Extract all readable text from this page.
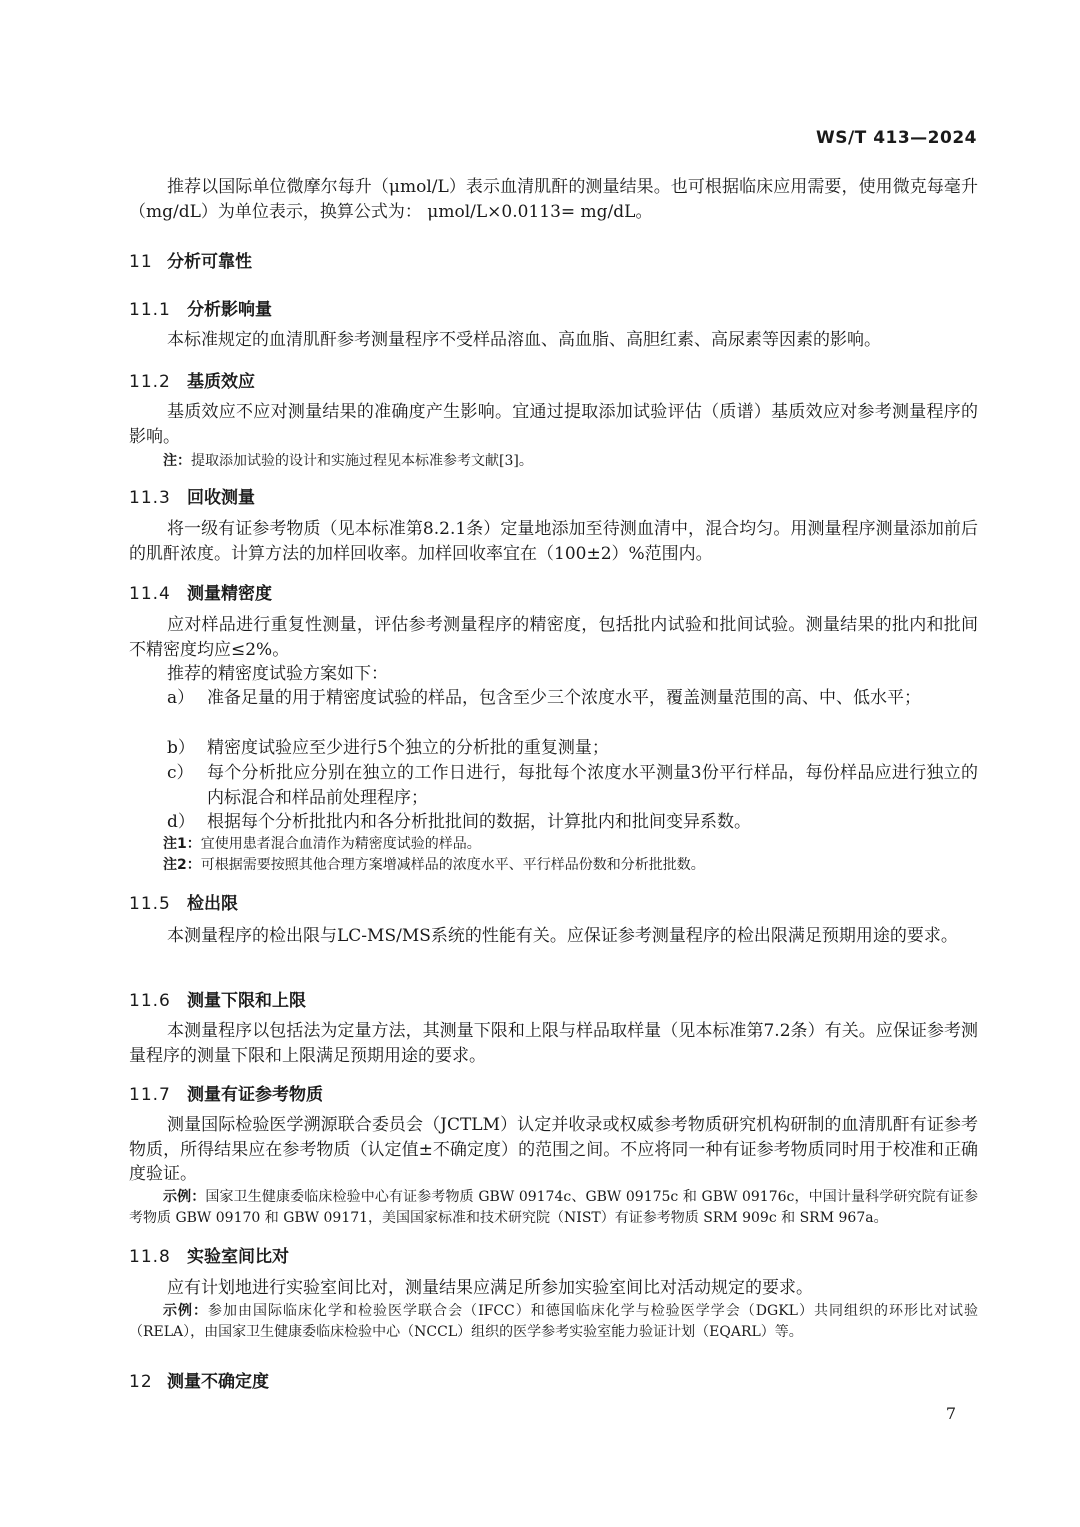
WS/T 413—2024

推荐以国际单位微摩尔每升（μmol/L）表示血清肌酐的测量结果。也可根据临床应用需要，使用微克每毫升（mg/dL）为单位表示，换算公式为： μmol/L×0.0113= mg/dL。

11 分析可靠性
11.1 分析影响量

本标准规定的血清肌酐参考测量程序不受样品溶血、高血脂、高胆红素、高尿素等因素的影响。

11.2 基质效应

基质效应不应对测量结果的准确度产生影响。宜通过提取添加试验评估（质谱）基质效应对参考测量程序的影响。

注：提取添加试验的设计和实施过程见本标准参考文献[3]。

11.3 回收测量

将一级有证参考物质（见本标准第8.2.1条）定量地添加至待测血清中，混合均匀。用测量程序测量添加前后的肌酐浓度。计算方法的加样回收率。加样回收率宜在（100±2）%范围内。

11.4 测量精密度

应对样品进行重复性测量，评估参考测量程序的精密度，包括批内试验和批间试验。测量结果的批内和批间不精密度均应≤2%。

推荐的精密度试验方案如下：

a） 准备足量的用于精密度试验的样品，包含至少三个浓度水平，覆盖测量范围的高、中、低水平；
b） 精密度试验应至少进行5个独立的分析批的重复测量；
c） 每个分析批应分别在独立的工作日进行，每批每个浓度水平测量3份平行样品，每份样品应进行独立的内标混合和样品前处理程序；
d） 根据每个分析批批内和各分析批批间的数据，计算批内和批间变异系数。

注1：宜使用患者混合血清作为精密度试验的样品。

注2：可根据需要按照其他合理方案增减样品的浓度水平、平行样品份数和分析批批数。

11.5 检出限

本测量程序的检出限与LC-MS/MS系统的性能有关。应保证参考测量程序的检出限满足预期用途的要求。

11.6 测量下限和上限

本测量程序以包括法为定量方法，其测量下限和上限与样品取样量（见本标准第7.2条）有关。应保证参考测量程序的测量下限和上限满足预期用途的要求。

11.7 测量有证参考物质

测量国际检验医学溯源联合委员会（JCTLM）认定并收录或权威参考物质研究机构研制的血清肌酐有证参考物质，所得结果应在参考物质（认定值±不确定度）的范围之间。不应将同一种有证参考物质同时用于校准和正确度验证。

示例：国家卫生健康委临床检验中心有证参考物质 GBW 09174c、GBW 09175c 和 GBW 09176c，中国计量科学研究院有证参考物质 GBW 09170 和 GBW 09171，美国国家标准和技术研究院（NIST）有证参考物质 SRM 909c 和 SRM 967a。

11.8 实验室间比对

应有计划地进行实验室间比对，测量结果应满足所参加实验室间比对活动规定的要求。

示例：参加由国际临床化学和检验医学联合会（IFCC）和德国临床化学与检验医学学会（DGKL）共同组织的环形比对试验（RELA），由国家卫生健康委临床检验中心（NCCL）组织的医学参考实验室能力验证计划（EQARL）等。

12 测量不确定度
7
